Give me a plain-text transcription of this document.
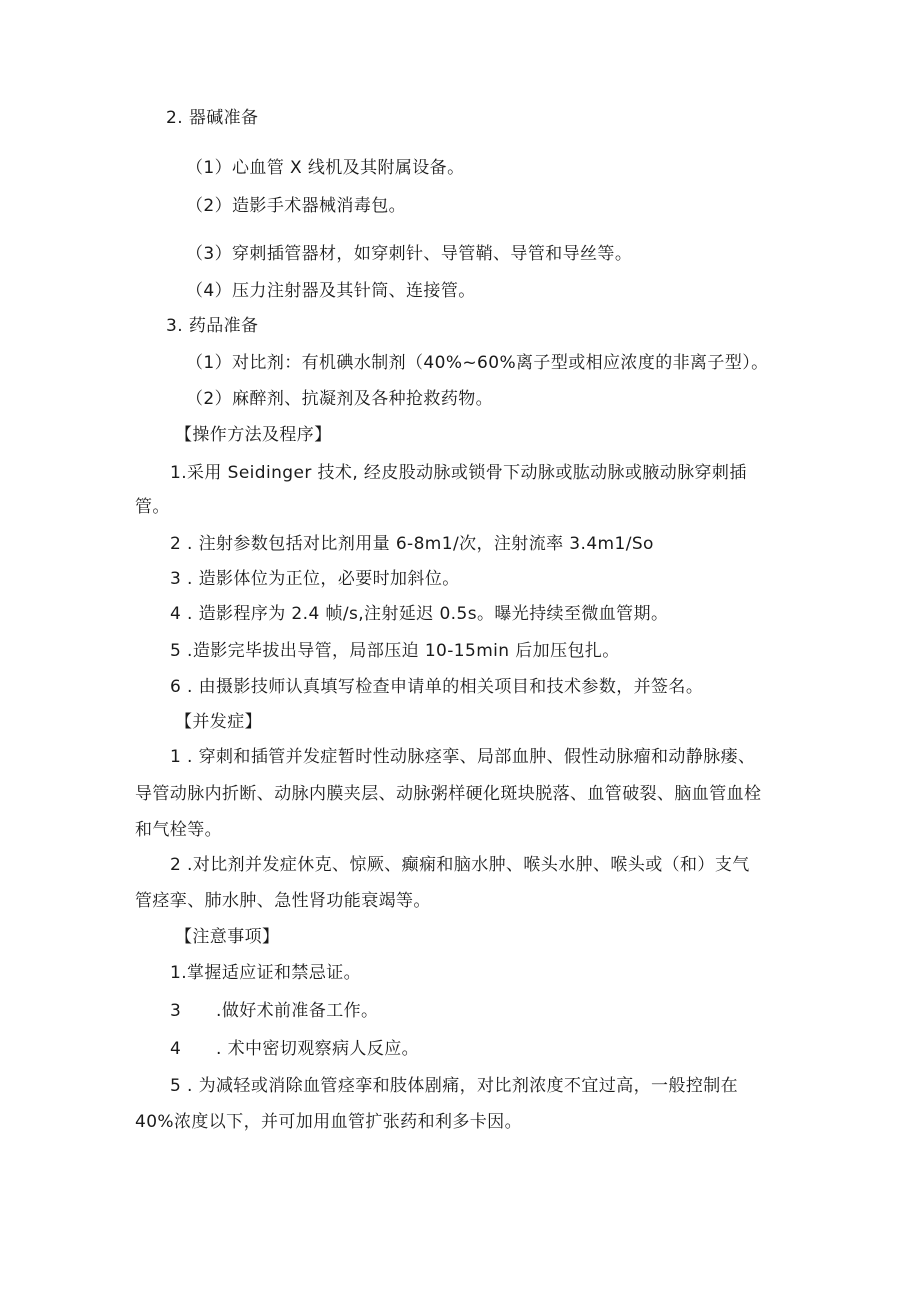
2. 器碱准备
（1）心血管 X 线机及其附属设备。
（2）造影手术器械消毒包。
（3）穿刺插管器材，如穿刺针、导管鞘、导管和导丝等。
（4）压力注射器及其针筒、连接管。
3. 药品准备
（1）对比剂：有机碘水制剂（40%~60%离子型或相应浓度的非离子型）。
（2）麻醉剂、抗凝剂及各种抢救药物。
【操作方法及程序】
1.采用 Seidinger 技术, 经皮股动脉或锁骨下动脉或肱动脉或腋动脉穿刺插
管。
2 . 注射参数包括对比剂用量 6-8m1∕次，注射流率 3.4m1∕So
3 . 造影体位为正位，必要时加斜位。
4 . 造影程序为 2.4 帧∕s,注射延迟 0.5s。曝光持续至微血管期。
5 .造影完毕拔出导管，局部压迫 10-15min 后加压包扎。
6 . 由摄影技师认真填写检查申请单的相关项目和技术参数，并签名。
【并发症】
1 . 穿刺和插管并发症暂时性动脉痉挛、局部血肿、假性动脉瘤和动静脉瘘、
导管动脉内折断、动脉内膜夹层、动脉粥样硬化斑块脱落、血管破裂、脑血管血栓
和气栓等。
2 .对比剂并发症休克、惊厥、癫痫和脑水肿、喉头水肿、喉头或（和）支气
管痉挛、肺水肿、急性肾功能衰竭等。
【注意事项】
1.掌握适应证和禁忌证。
3　　.做好术前准备工作。
4　　. 术中密切观察病人反应。
5 . 为减轻或消除血管痉挛和肢体剧痛，对比剂浓度不宜过高，一般控制在
40%浓度以下，并可加用血管扩张药和利多卡因。
